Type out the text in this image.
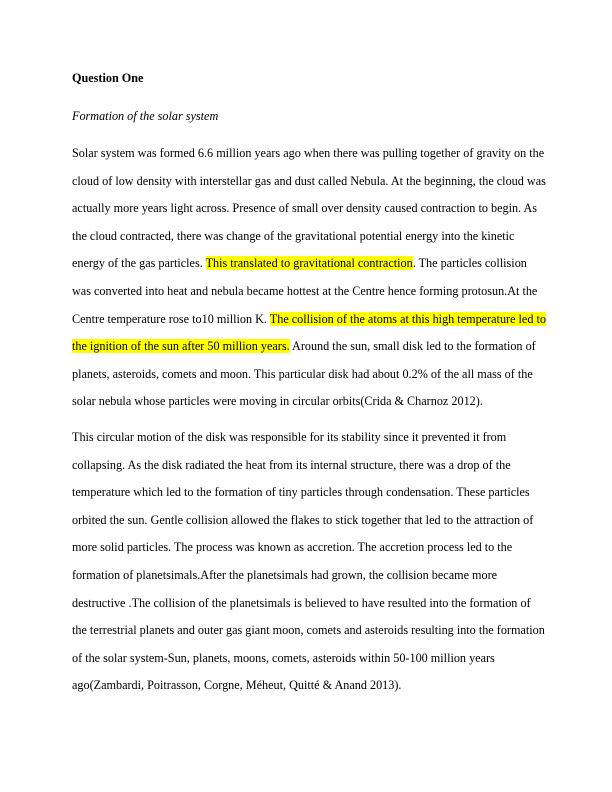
Question One

Formation of the solar system

Solar system was formed 6.6 million years ago when there was pulling together of gravity on the
cloud of low density with interstellar gas and dust called Nebula. At the beginning, the cloud was
actually more years light across. Presence of small over density caused contraction to begin. As
the cloud contracted, there was change of the gravitational potential energy into the kinetic
energy of the gas particles. This translated to gravitational contraction. The particles collision
was converted into heat and nebula became hottest at the Centre hence forming protosun.At the
Centre temperature rose to10 million K. The collision of the atoms at this high temperature led to
the ignition of the sun after 50 million years. Around the sun, small disk led to the formation of
planets, asteroids, comets and moon. This particular disk had about 0.2% of the all mass of the
solar nebula whose particles were moving in circular orbits(Crida & Charnoz 2012).

This circular motion of the disk was responsible for its stability since it prevented it from
collapsing. As the disk radiated the heat from its internal structure, there was a drop of the
temperature which led to the formation of tiny particles through condensation. These particles
orbited the sun. Gentle collision allowed the flakes to stick together that led to the attraction of
more solid particles. The process was known as accretion. The accretion process led to the
formation of planetsimals.After the planetsimals had grown, the collision became more
destructive .The collision of the planetsimals is believed to have resulted into the formation of
the terrestrial planets and outer gas giant moon, comets and asteroids resulting into the formation
of the solar system-Sun, planets, moons, comets, asteroids within 50-100 million years
ago(Zambardi, Poitrasson, Corgne, Méheut, Quitté & Anand 2013).
